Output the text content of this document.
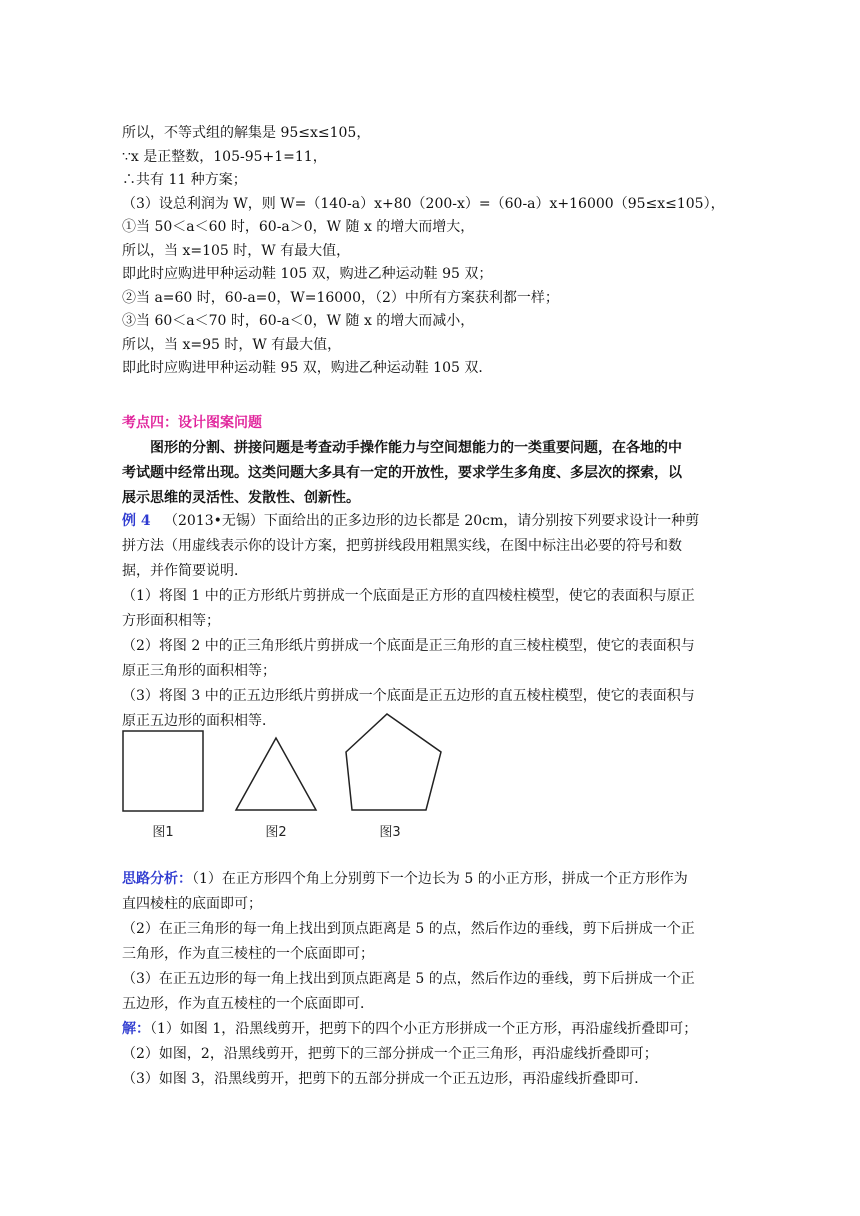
所以，不等式组的解集是 95≤x≤105，
∵x 是正整数，105-95+1=11，
∴共有 11 种方案；
（3）设总利润为 W，则 W=（140-a）x+80（200-x）=（60-a）x+16000（95≤x≤105），
①当 50＜a＜60 时，60-a＞0，W 随 x 的增大而增大，
所以，当 x=105 时，W 有最大值，
即此时应购进甲种运动鞋 105 双，购进乙种运动鞋 95 双；
②当 a=60 时，60-a=0，W=16000，（2）中所有方案获利都一样；
③当 60＜a＜70 时，60-a＜0，W 随 x 的增大而减小，
所以，当 x=95 时，W 有最大值，
即此时应购进甲种运动鞋 95 双，购进乙种运动鞋 105 双．
考点四：设计图案问题
图形的分割、拼接问题是考查动手操作能力与空间想能力的一类重要问题，在各地的中
考试题中经常出现。这类问题大多具有一定的开放性，要求学生多角度、多层次的探索，以
展示思维的灵活性、发散性、创新性。
例 4 （2013•无锡）下面给出的正多边形的边长都是 20cm，请分别按下列要求设计一种剪
拼方法（用虚线表示你的设计方案，把剪拼线段用粗黑实线，在图中标注出必要的符号和数
据，并作简要说明．
（1）将图 1 中的正方形纸片剪拼成一个底面是正方形的直四棱柱模型，使它的表面积与原正
方形面积相等；
（2）将图 2 中的正三角形纸片剪拼成一个底面是正三角形的直三棱柱模型，使它的表面积与
原正三角形的面积相等；
（3）将图 3 中的正五边形纸片剪拼成一个底面是正五边形的直五棱柱模型，使它的表面积与
原正五边形的面积相等．
图1	图2	图3
思路分析：（1）在正方形四个角上分别剪下一个边长为 5 的小正方形，拼成一个正方形作为
直四棱柱的底面即可；
（2）在正三角形的每一角上找出到顶点距离是 5 的点，然后作边的垂线，剪下后拼成一个正
三角形，作为直三棱柱的一个底面即可；
（3）在正五边形的每一角上找出到顶点距离是 5 的点，然后作边的垂线，剪下后拼成一个正
五边形，作为直五棱柱的一个底面即可．
解：（1）如图 1，沿黑线剪开，把剪下的四个小正方形拼成一个正方形，再沿虚线折叠即可；
（2）如图，2，沿黑线剪开，把剪下的三部分拼成一个正三角形，再沿虚线折叠即可；
（3）如图 3，沿黑线剪开，把剪下的五部分拼成一个正五边形，再沿虚线折叠即可．
